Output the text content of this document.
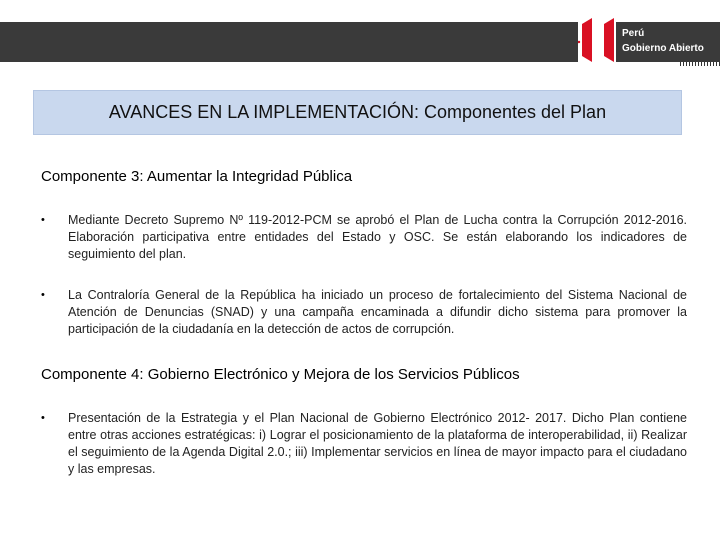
Perú
Gobierno Abierto
AVANCES EN LA IMPLEMENTACIÓN: Componentes del Plan
Componente 3: Aumentar la Integridad Pública
•	Mediante Decreto Supremo Nº 119-2012-PCM se aprobó el Plan de Lucha contra la Corrupción 2012-2016. Elaboración participativa entre entidades del Estado y OSC. Se están elaborando los indicadores de seguimiento del plan.
•	La Contraloría General de la República ha iniciado un proceso de fortalecimiento del Sistema Nacional de Atención de Denuncias (SNAD) y una campaña encaminada a difundir dicho sistema para promover la participación de la ciudadanía en la detección de actos de corrupción.
Componente 4: Gobierno Electrónico y Mejora de los Servicios Públicos
•	Presentación de la Estrategia y el Plan Nacional de Gobierno Electrónico 2012- 2017. Dicho Plan contiene entre otras acciones estratégicas: i) Lograr el posicionamiento de la plataforma de interoperabilidad, ii) Realizar el seguimiento de la Agenda Digital 2.0.; iii) Implementar servicios en línea de mayor impacto para el ciudadano y las empresas.
